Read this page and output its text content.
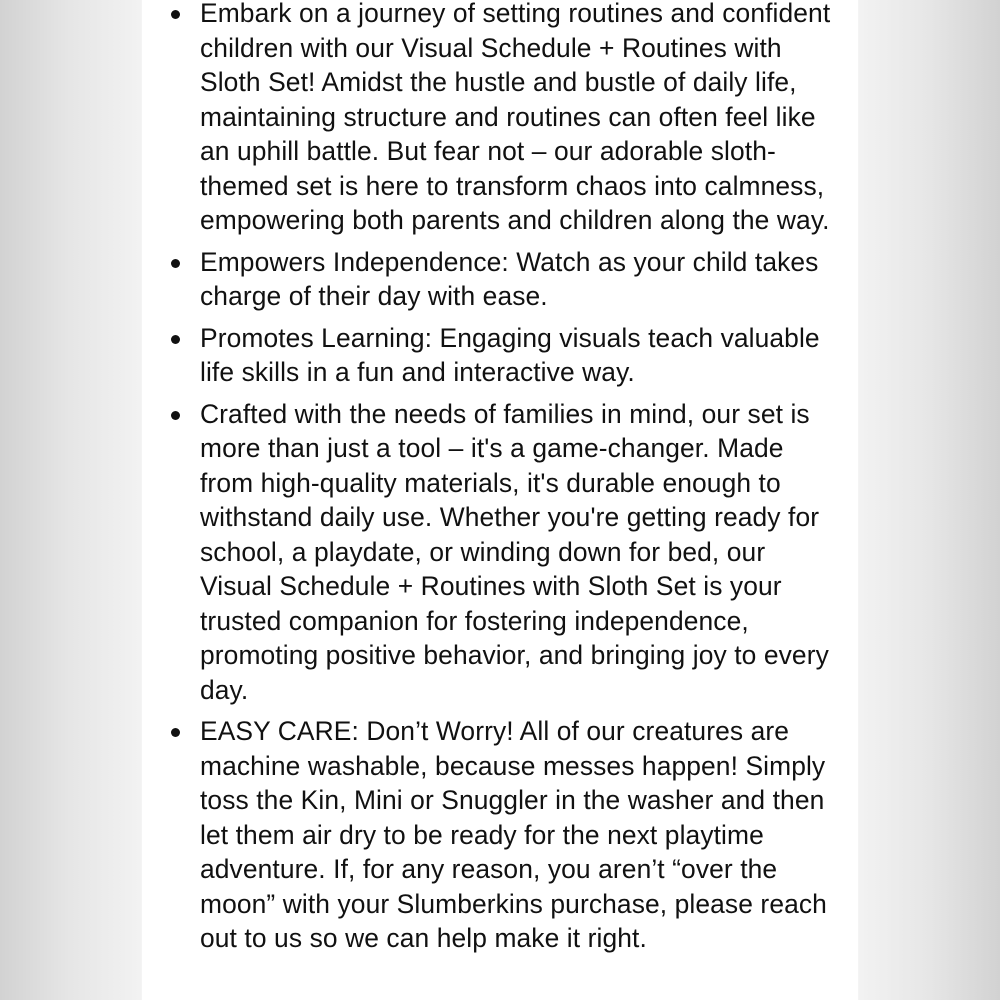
Embark on a journey of setting routines and confident children with our Visual Schedule + Routines with Sloth Set! Amidst the hustle and bustle of daily life, maintaining structure and routines can often feel like an uphill battle. But fear not – our adorable sloth-themed set is here to transform chaos into calmness, empowering both parents and children along the way.
Empowers Independence: Watch as your child takes charge of their day with ease.
Promotes Learning: Engaging visuals teach valuable life skills in a fun and interactive way.
Crafted with the needs of families in mind, our set is more than just a tool – it's a game-changer. Made from high-quality materials, it's durable enough to withstand daily use. Whether you're getting ready for school, a playdate, or winding down for bed, our Visual Schedule + Routines with Sloth Set is your trusted companion for fostering independence, promoting positive behavior, and bringing joy to every day.
EASY CARE: Don’t Worry! All of our creatures are machine washable, because messes happen! Simply toss the Kin, Mini or Snuggler in the washer and then let them air dry to be ready for the next playtime adventure. If, for any reason, you aren’t “over the moon” with your Slumberkins purchase, please reach out to us so we can help make it right.
